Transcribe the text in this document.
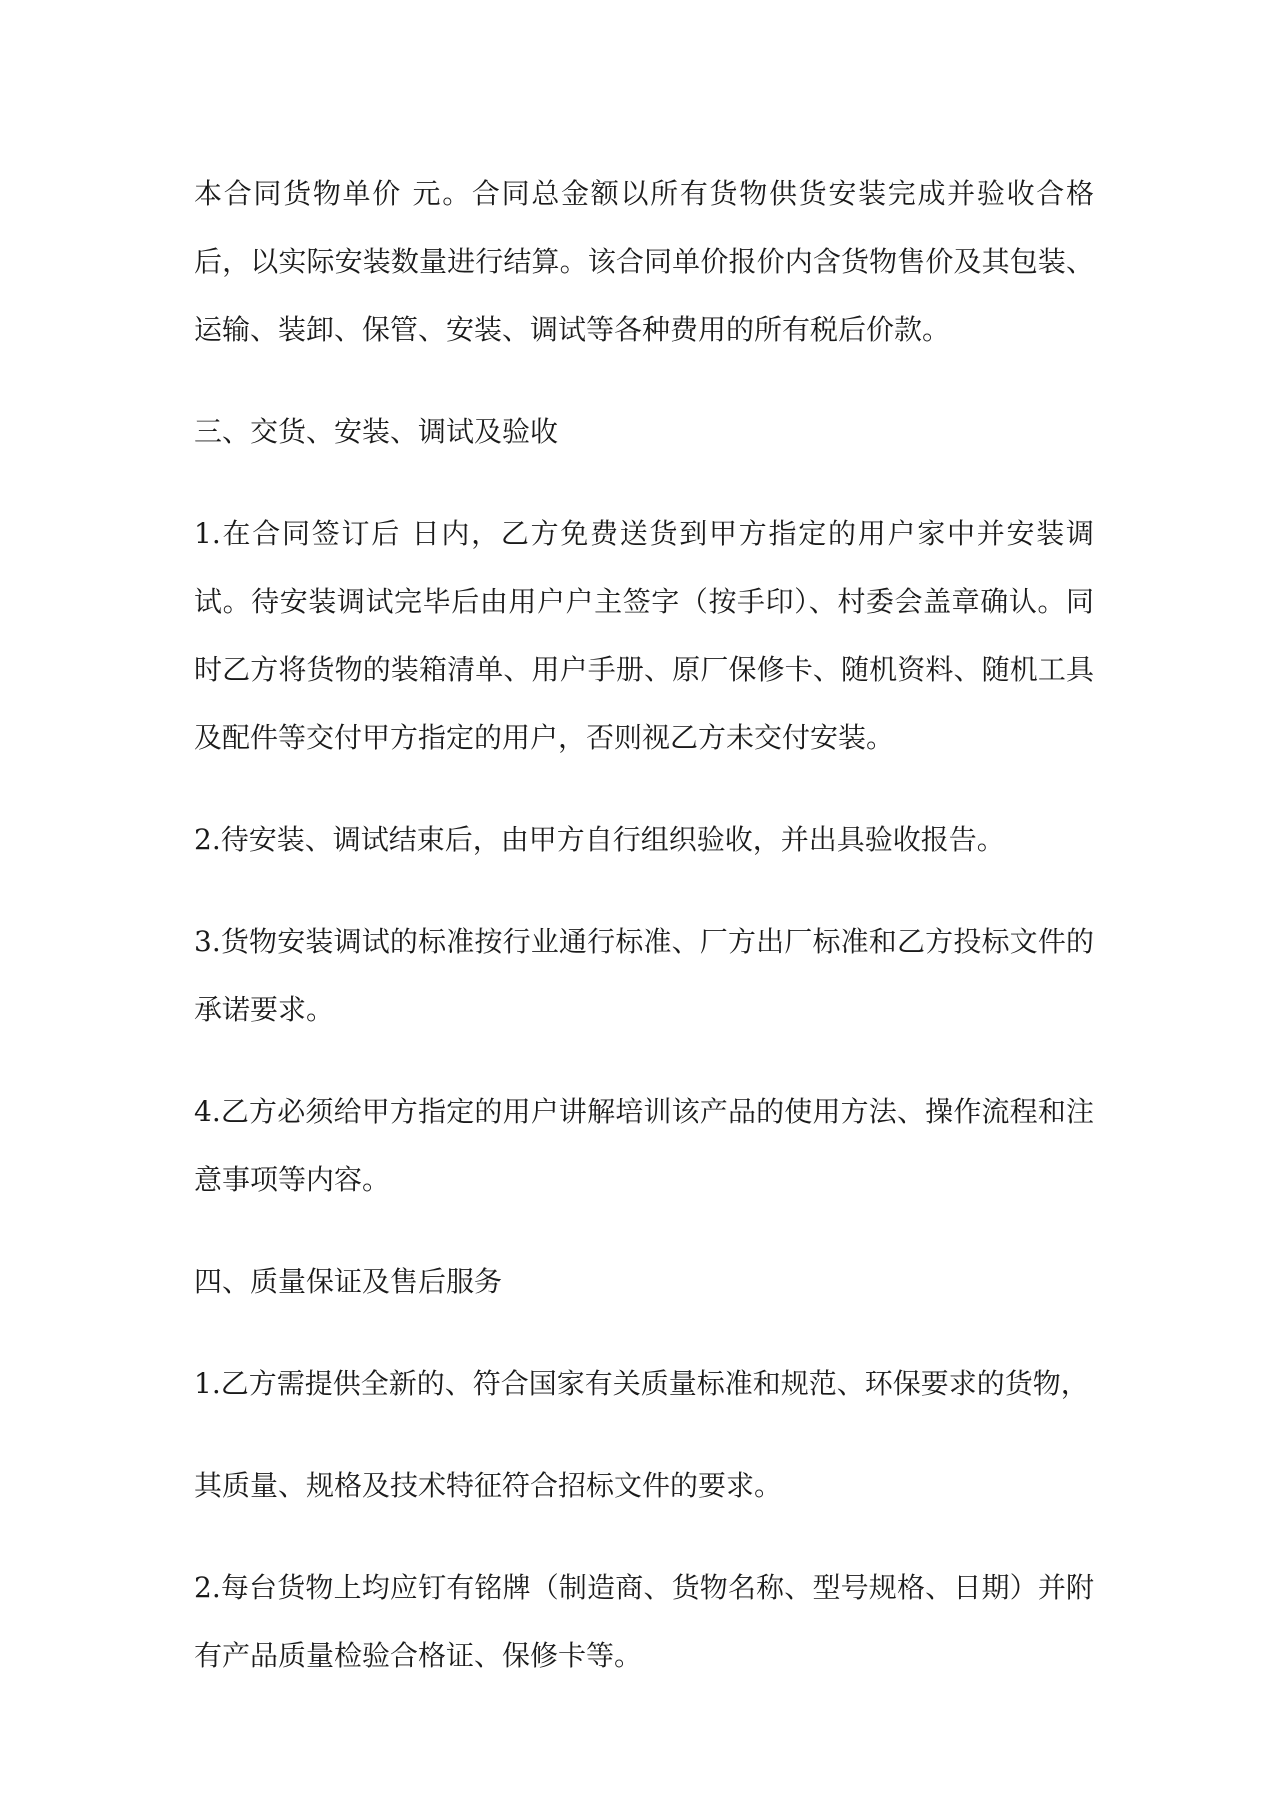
本合同货物单价 元。合同总金额以所有货物供货安装完成并验收合格后，以实际安装数量进行结算。该合同单价报价内含货物售价及其包装、运输、装卸、保管、安装、调试等各种费用的所有税后价款。

三、交货、安装、调试及验收

1.在合同签订后 日内，乙方免费送货到甲方指定的用户家中并安装调试。待安装调试完毕后由用户户主签字（按手印）、村委会盖章确认。同时乙方将货物的装箱清单、用户手册、原厂保修卡、随机资料、随机工具及配件等交付甲方指定的用户，否则视乙方未交付安装。

2.待安装、调试结束后，由甲方自行组织验收，并出具验收报告。

3.货物安装调试的标准按行业通行标准、厂方出厂标准和乙方投标文件的承诺要求。

4.乙方必须给甲方指定的用户讲解培训该产品的使用方法、操作流程和注意事项等内容。

四、质量保证及售后服务

1.乙方需提供全新的、符合国家有关质量标准和规范、环保要求的货物，

其质量、规格及技术特征符合招标文件的要求。

2.每台货物上均应钉有铭牌（制造商、货物名称、型号规格、日期）并附有产品质量检验合格证、保修卡等。
